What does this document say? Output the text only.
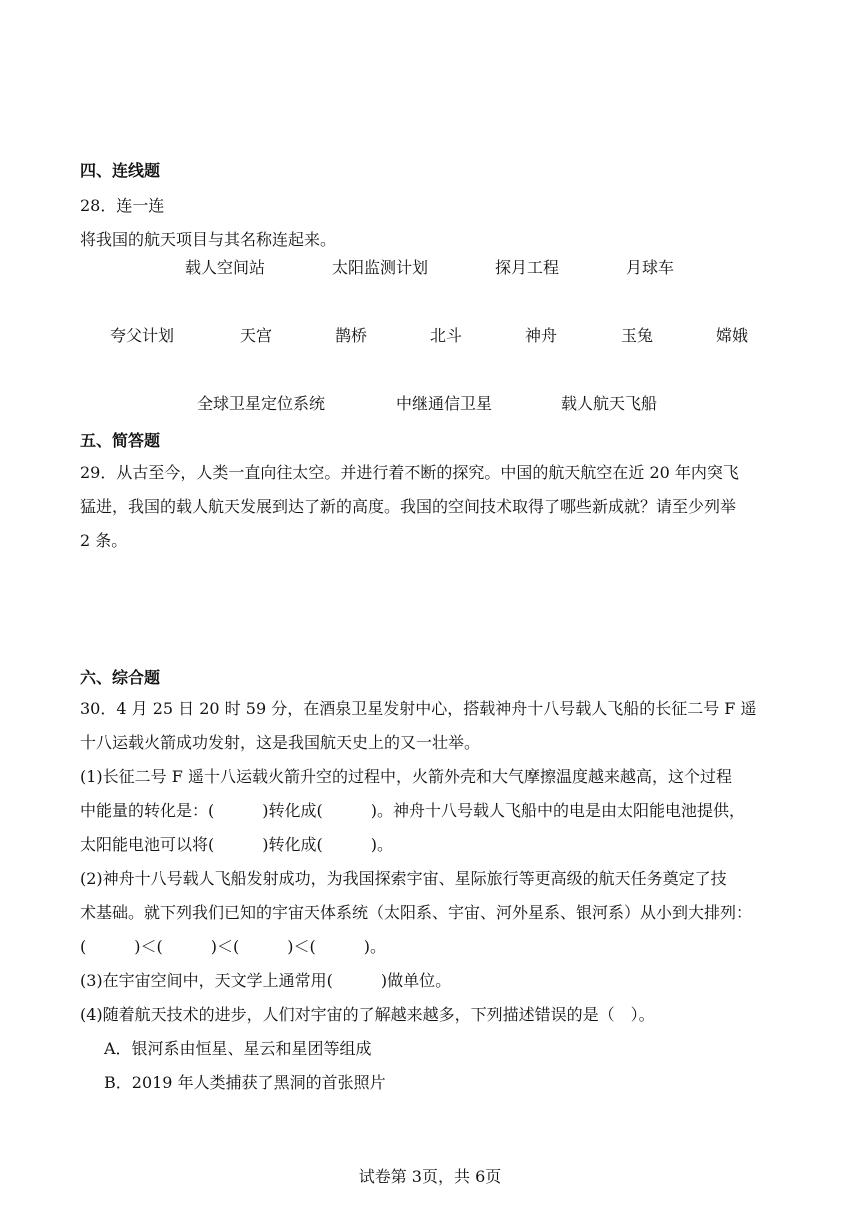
四、连线题
28．连一连
将我国的航天项目与其名称连起来。
载人空间站	太阳监测计划	探月工程	月球车
夸父计划	天宫	鹊桥	北斗	神舟	玉兔	嫦娥
全球卫星定位系统	中继通信卫星	载人航天飞船
五、简答题
29．从古至今，人类一直向往太空。并进行着不断的探究。中国的航天航空在近 20 年内突飞
猛进，我国的载人航天发展到达了新的高度。我国的空间技术取得了哪些新成就？请至少列举
2 条。
六、综合题
30．4 月 25 日 20 时 59 分，在酒泉卫星发射中心，搭载神舟十八号载人飞船的长征二号 F 遥
十八运载火箭成功发射，这是我国航天史上的又一壮举。
(1)长征二号 F 遥十八运载火箭升空的过程中，火箭外壳和大气摩擦温度越来越高，这个过程
中能量的转化是：(　　　)转化成(　　　)。神舟十八号载人飞船中的电是由太阳能电池提供，
太阳能电池可以将(　　　)转化成(　　　)。
(2)神舟十八号载人飞船发射成功，为我国探索宇宙、星际旅行等更高级的航天任务奠定了技
术基础。就下列我们已知的宇宙天体系统（太阳系、宇宙、河外星系、银河系）从小到大排列：
(　　　)＜(　　　)＜(　　　)＜(　　　)。
(3)在宇宙空间中，天文学上通常用(　　　)做单位。
(4)随着航天技术的进步，人们对宇宙的了解越来越多，下列描述错误的是（　）。
A．银河系由恒星、星云和星团等组成
B．2019 年人类捕获了黑洞的首张照片
试卷第 3页，共 6页
